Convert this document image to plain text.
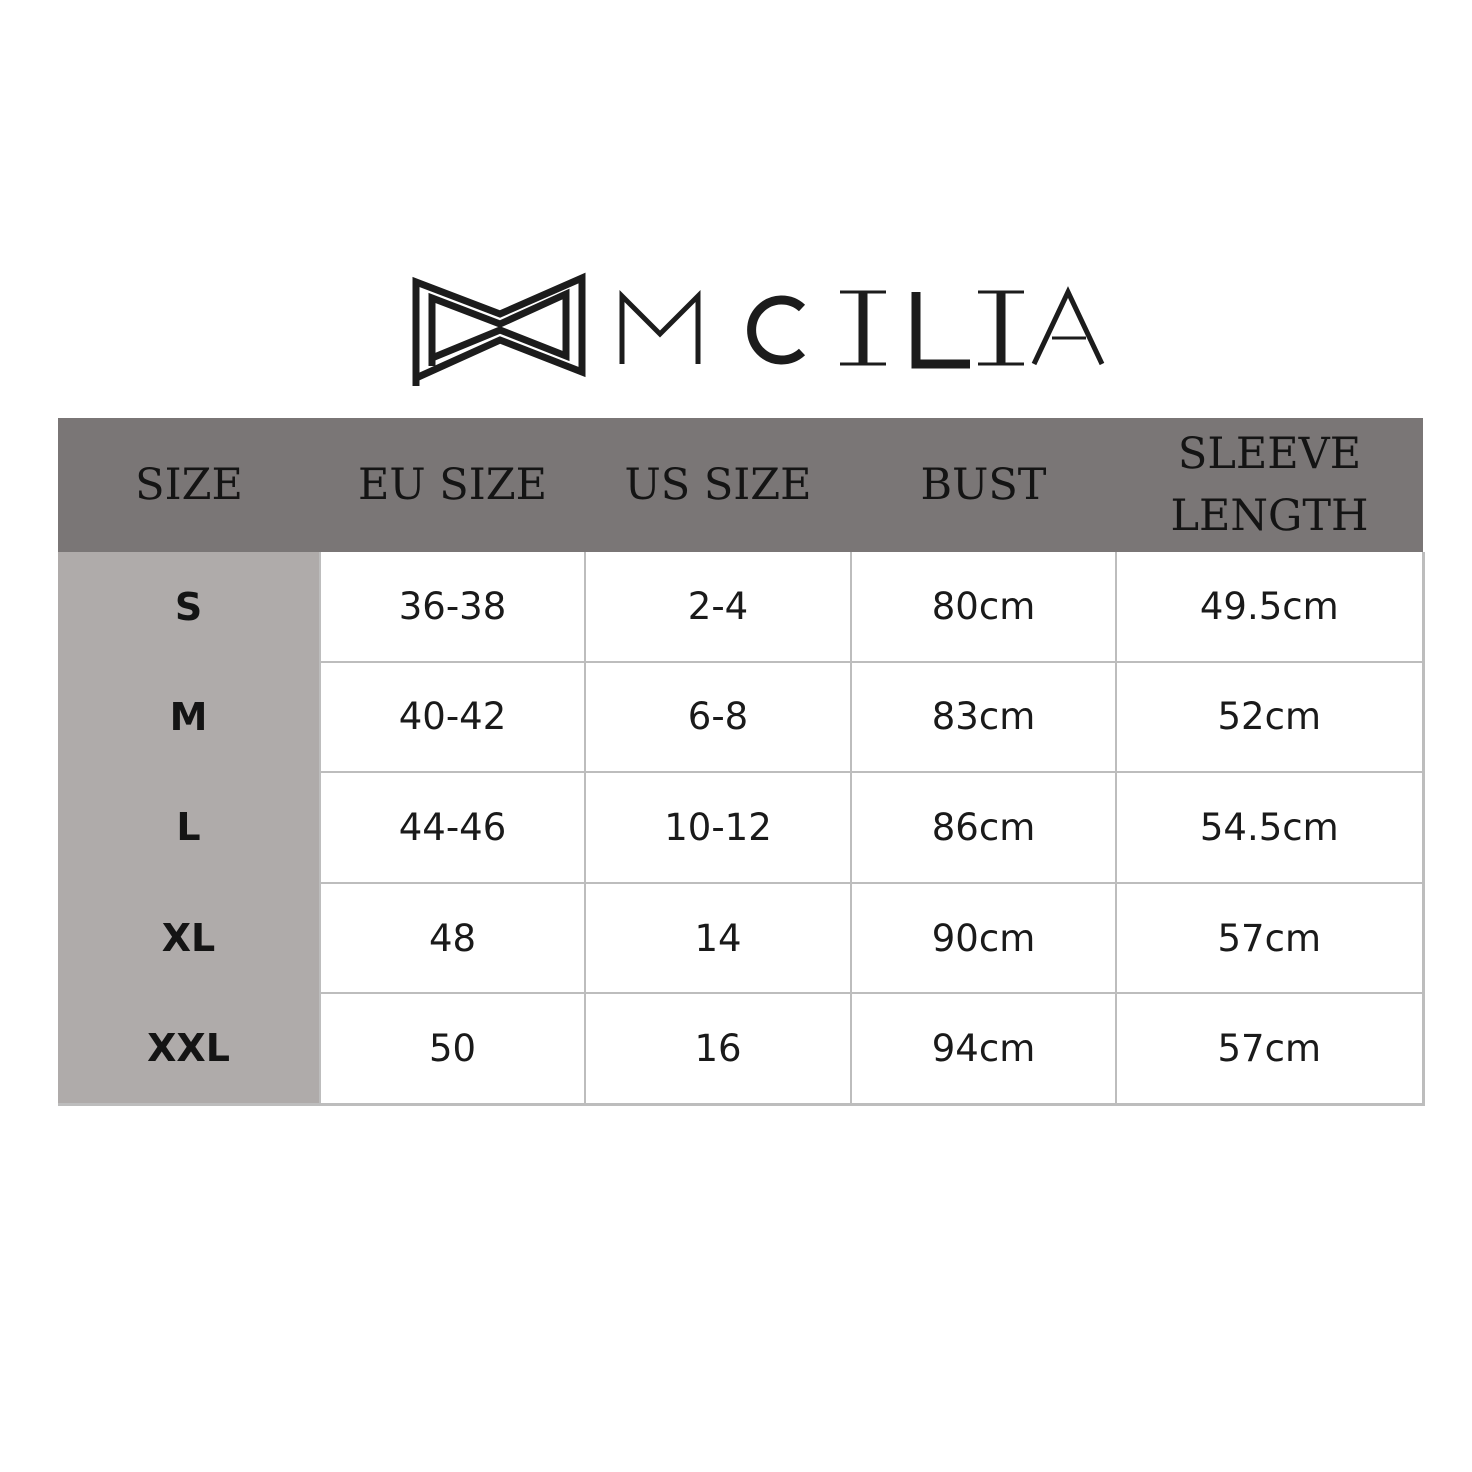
SIZE	EU SIZE	US SIZE	BUST	SLEEVE
LENGTH

S	36-38	2-4	80cm	49.5cm
M	40-42	6-8	83cm	52cm
L	44-46	10-12	86cm	54.5cm
XL	48	14	90cm	57cm
XXL	50	16	94cm	57cm
